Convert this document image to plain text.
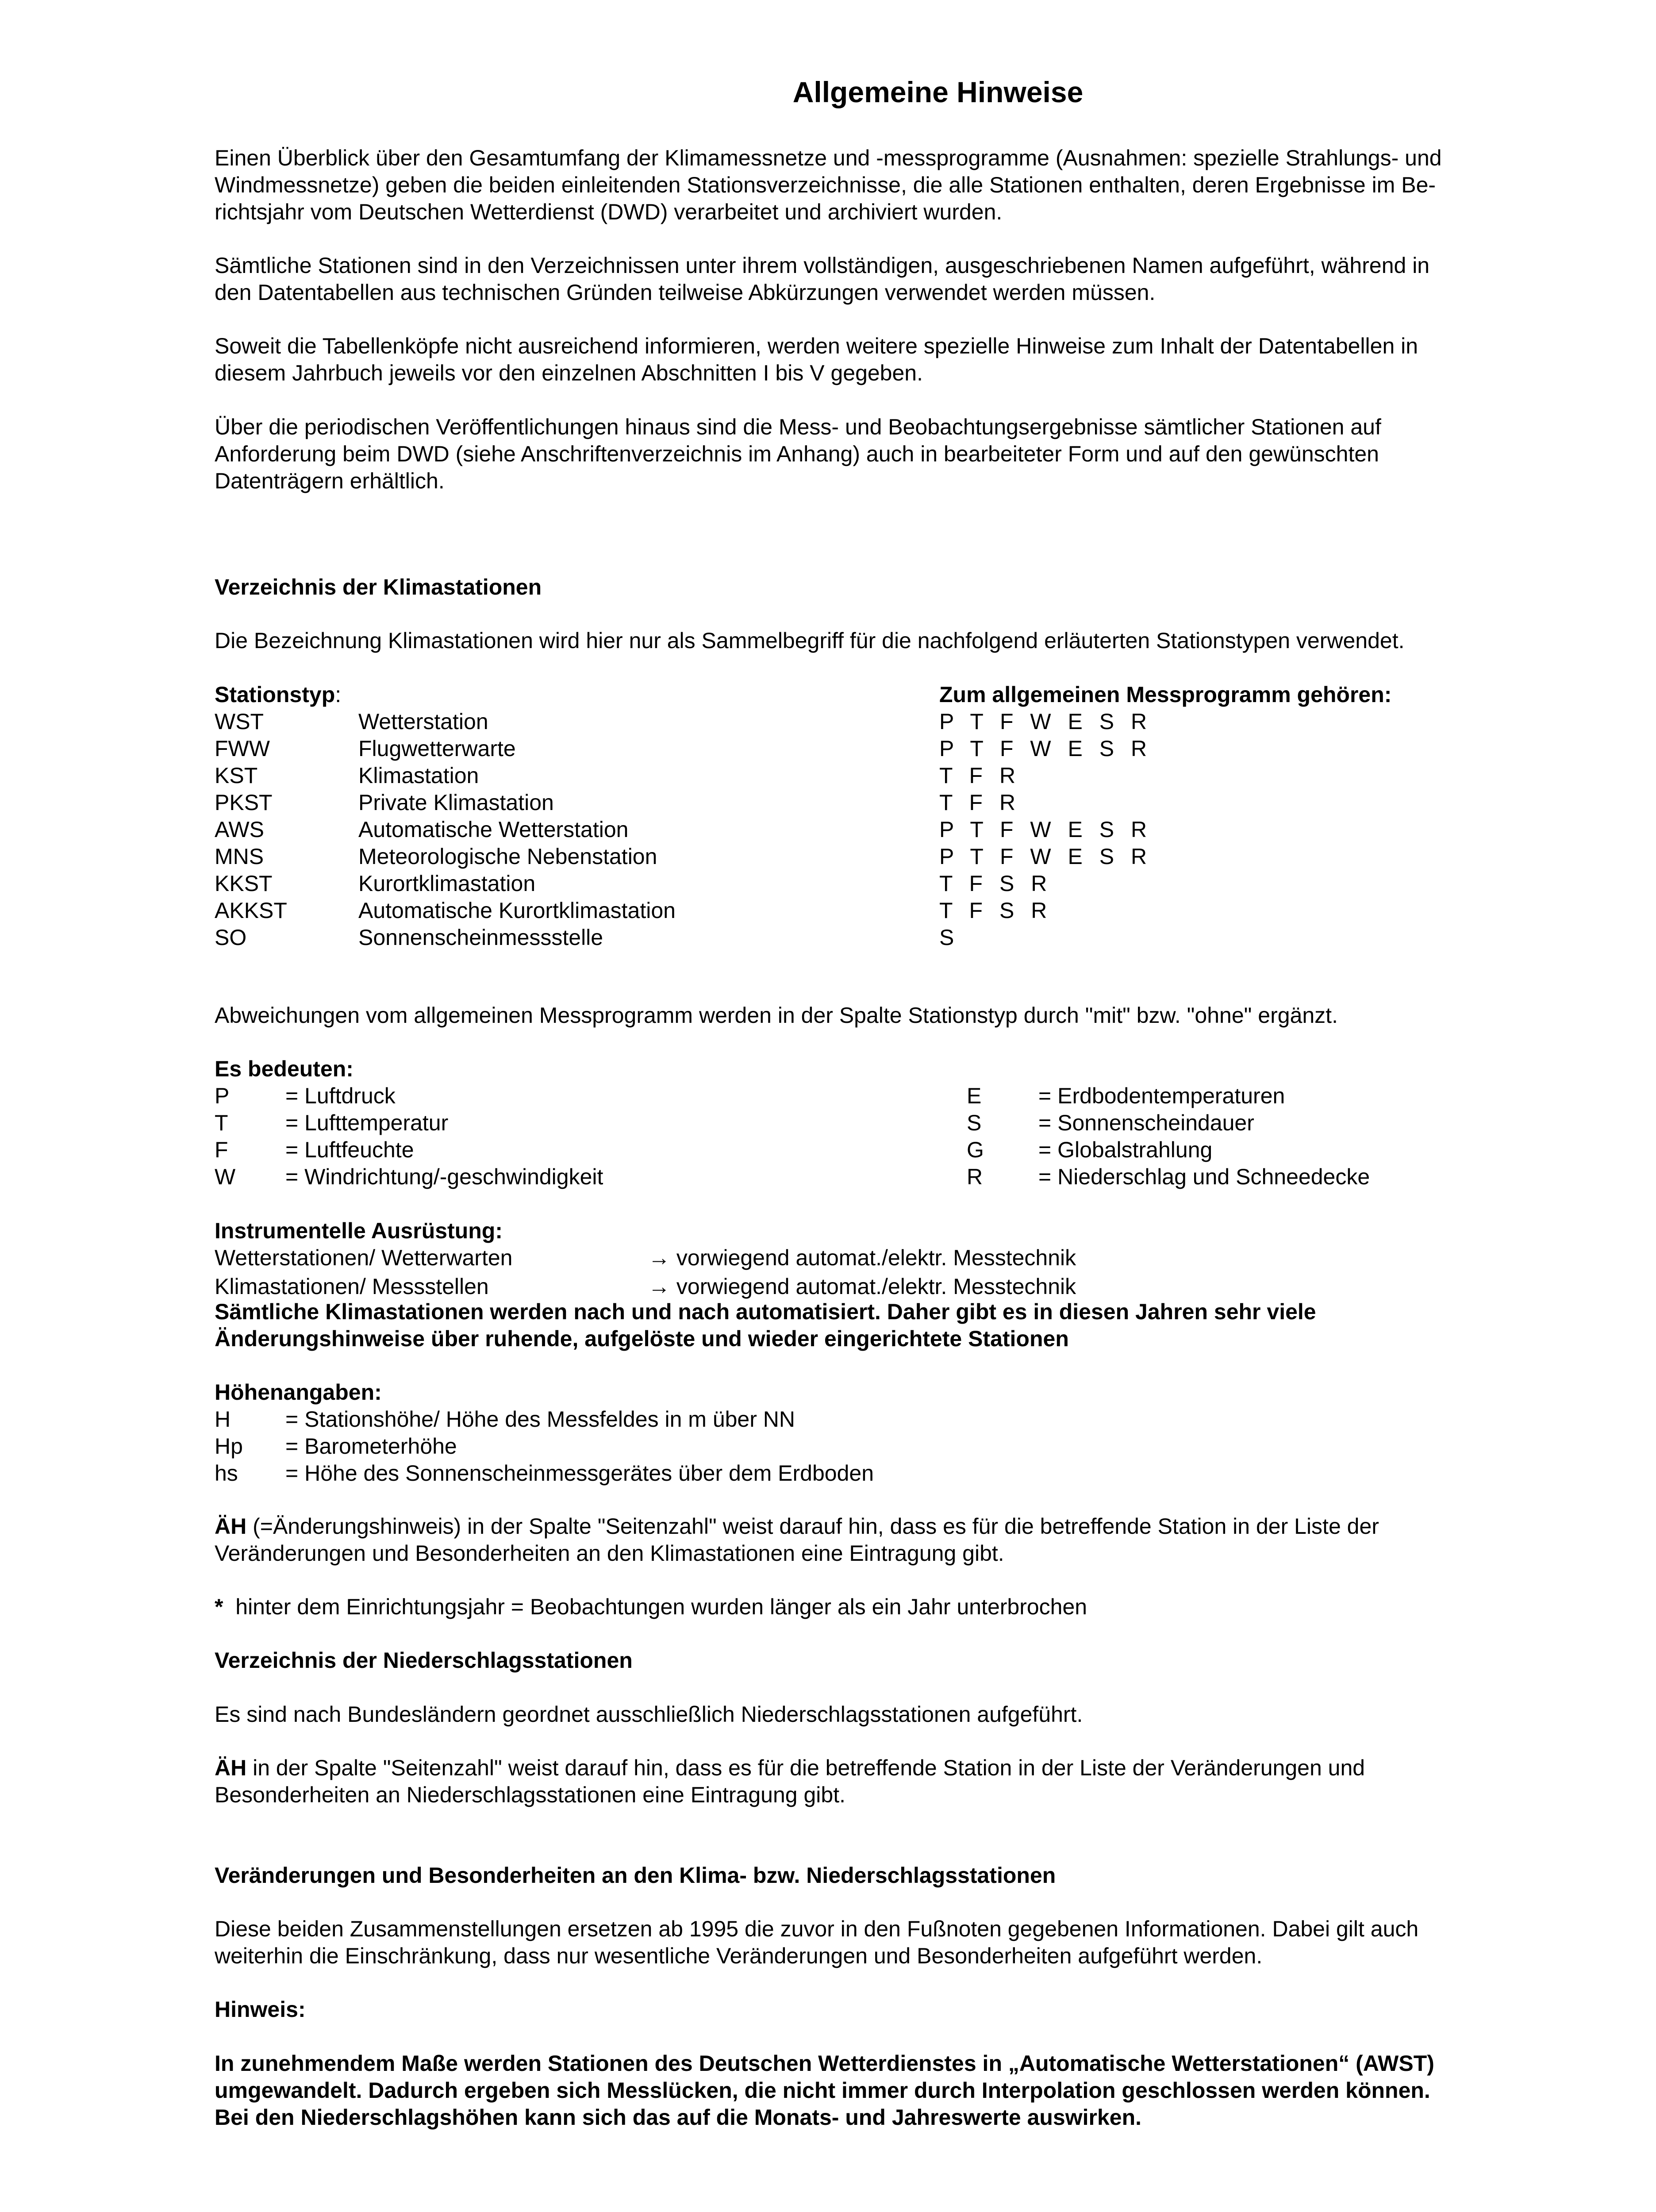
Allgemeine Hinweise
Einen Überblick über den Gesamtumfang der Klimamessnetze und -messprogramme (Ausnahmen: spezielle Strahlungs- und
Windmessnetze) geben die beiden einleitenden Stationsverzeichnisse, die alle Stationen enthalten, deren Ergebnisse im Be-
richtsjahr vom Deutschen Wetterdienst (DWD) verarbeitet und archiviert wurden.
Sämtliche Stationen sind in den Verzeichnissen unter ihrem vollständigen, ausgeschriebenen Namen aufgeführt, während in
den Datentabellen aus technischen Gründen teilweise Abkürzungen verwendet werden müssen.
Soweit die Tabellenköpfe nicht ausreichend informieren, werden weitere spezielle Hinweise zum Inhalt der Datentabellen in
diesem Jahrbuch jeweils vor den einzelnen Abschnitten I bis V gegeben.
Über die periodischen Veröffentlichungen hinaus sind die Mess- und Beobachtungsergebnisse sämtlicher Stationen auf
Anforderung beim DWD (siehe Anschriftenverzeichnis im Anhang) auch in bearbeiteter Form und auf den gewünschten
Datenträgern erhältlich.
Verzeichnis der Klimastationen
Die Bezeichnung Klimastationen wird hier nur als Sammelbegriff für die nachfolgend erläuterten Stationstypen verwendet.
Stationstyp:	Zum allgemeinen Messprogramm gehören:
WST	Wetterstation	P T F W E S R
FWW	Flugwetterwarte	P T F W E S R
KST	Klimastation	T F R
PKST	Private Klimastation	T F R
AWS	Automatische Wetterstation	P T F W E S R
MNS	Meteorologische Nebenstation	P T F W E S R
KKST	Kurortklimastation	T F S R
AKKST	Automatische Kurortklimastation	T F S R
SO	Sonnenscheinmessstelle	S
Abweichungen vom allgemeinen Messprogramm werden in der Spalte Stationstyp durch "mit" bzw. "ohne" ergänzt.
Es bedeuten:
P	= Luftdruck	E	= Erdbodentemperaturen
T	= Lufttemperatur	S	= Sonnenscheindauer
F	= Luftfeuchte	G = Globalstrahlung
W = Windrichtung/-geschwindigkeit	R	= Niederschlag und Schneedecke
Instrumentelle Ausrüstung:
Wetterstationen/ Wetterwarten	→ vorwiegend automat./elektr. Messtechnik
Klimastationen/ Messstellen	→ vorwiegend automat./elektr. Messtechnik
Sämtliche Klimastationen werden nach und nach automatisiert. Daher gibt es in diesen Jahren sehr viele
Änderungshinweise über ruhende, aufgelöste und wieder eingerichtete Stationen
Höhenangaben:
H = Stationshöhe/ Höhe des Messfeldes in m über NN
Hp = Barometerhöhe
hs = Höhe des Sonnenscheinmessgerätes über dem Erdboden
ÄH (=Änderungshinweis) in der Spalte "Seitenzahl" weist darauf hin, dass es für die betreffende Station in der Liste der
Veränderungen und Besonderheiten an den Klimastationen eine Eintragung gibt.
* hinter dem Einrichtungsjahr = Beobachtungen wurden länger als ein Jahr unterbrochen
Verzeichnis der Niederschlagsstationen
Es sind nach Bundesländern geordnet ausschließlich Niederschlagsstationen aufgeführt.
ÄH in der Spalte "Seitenzahl" weist darauf hin, dass es für die betreffende Station in der Liste der Veränderungen und
Besonderheiten an Niederschlagsstationen eine Eintragung gibt.
Veränderungen und Besonderheiten an den Klima- bzw. Niederschlagsstationen
Diese beiden Zusammenstellungen ersetzen ab 1995 die zuvor in den Fußnoten gegebenen Informationen. Dabei gilt auch
weiterhin die Einschränkung, dass nur wesentliche Veränderungen und Besonderheiten aufgeführt werden.
Hinweis:
In zunehmendem Maße werden Stationen des Deutschen Wetterdienstes in „Automatische Wetterstationen“ (AWST)
umgewandelt. Dadurch ergeben sich Messlücken, die nicht immer durch Interpolation geschlossen werden können.
Bei den Niederschlagshöhen kann sich das auf die Monats- und Jahreswerte auswirken.
